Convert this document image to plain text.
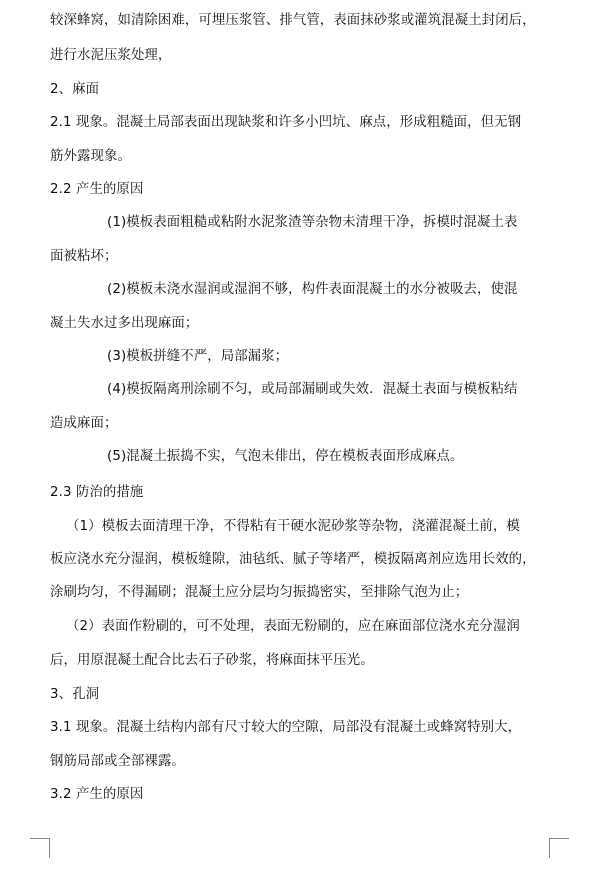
较深蜂窝，如清除困难，可埋压浆管、排气管，表面抹砂浆或灌筑混凝土封闭后，
进行水泥压浆处理，
2、麻面
2.1 现象。混凝土局部表面出现缺浆和许多小凹坑、麻点，形成粗糙面，但无钢
筋外露现象。
2.2 产生的原因
(1)模板表面粗糙或粘附水泥浆渣等杂物未清理干净，拆模时混凝土表
面被粘坏；
(2)模板未浇水湿润或湿润不够，构件表面混凝土的水分被吸去，使混
凝土失水过多出现麻面；
(3)模板拼缝不严，局部漏浆；
(4)模扳隔离刑涂刷不匀，或局部漏刷或失效．混凝土表面与模板粘结
造成麻面；
(5)混凝土振捣不实，气泡未俳出，停在模板表面形成麻点。
2.3 防治的措施
（1）模板去面清理干净，不得粘有干硬水泥砂浆等杂物，浇灌混凝土前，模
板应浇水充分湿润，模板缝隙，油毡纸、腻子等堵严，模扳隔离剂应选用长效的，
涂刷均匀，不得漏刷；混凝土应分层均匀振捣密实，至排除气泡为止；
（2）表面作粉刷的，可不处理，表面无粉刷的，应在麻面部位浇水充分湿润
后，用原混凝土配合比去石子砂浆，将麻面抹平压光。
3、孔洞
3.1 现象。混凝土结构内部有尺寸较大的空隙，局部没有混凝土或蜂窝特别大，
钢筋局部或全部裸露。
3.2 产生的原因
